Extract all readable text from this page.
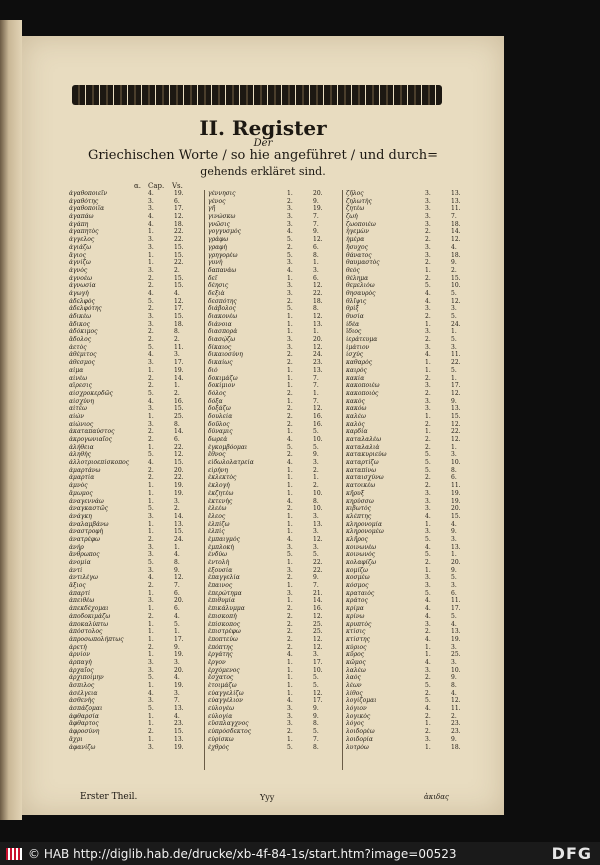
II. Register
Der
Griechischen Worte / so hie angeführet / und durch=
gehends erkläret sind.
α. Cap. Vs.
ἀγαθοποιεῖν	4.	19.
ἀγαθότης	3.	6.
ἀγαθοποιΐα	3.	17.
ἀγαπάω	4.	12.
ἀγάπη	4.	18.
ἀγαπητὸς	1.	22.
ἀγγελος	3.	22.
ἁγιάζω	3.	15.
ἅγιος	1.	15.
ἁγνίζω	1.	22.
ἁγνὸς	3.	2.
ἀγνοέω	2.	15.
ἀγνωσία	2.	15.
ἀγωγὴ	4.	4.
ἀδελφὸς	5.	12.
ἀδελφότης	2.	17.
ἀδικέω	3.	15.
ἄδικος	3.	18.
ἀδόκιμος	2.	8.
ἄδολος	2.	2.
ἀετὸς	5.	11.
ἀθέμιτος	4.	3.
ἀθεσμος	3.	17.
αἷμα	1.	19.
αἰνέω	2.	14.
αἵρεσις	2.	1.
αἰσχροκερδῶς	5.	2.
αἰσχύνη	4.	16.
αἰτέω	3.	15.
αἰών	1.	25.
αἰώνιος	3.	8.
ἀκαταπαύστος	2.	14.
ἀκρογωνιαῖος	2.	6.
ἀλήθεια	1.	22.
ἀληθὴς	5.	12.
ἀλλοτριοεπίσκοπος	4.	15.
ἁμαρτάνω	2.	20.
ἁμαρτία	2.	22.
ἀμνὸς	1.	19.
ἄμωμος	1.	19.
ἀναγεννάω	1.	3.
ἀναγκαστῶς	5.	2.
ἀνάγκη	3.	14.
ἀναλαμβάνω	1.	13.
ἀναστροφὴ	1.	15.
ἀνατρέφω	2.	24.
ἀνήρ	3.	1.
ἄνθρωπος	3.	4.
ἀνομία	5.	8.
ἀντί	3.	9.
ἀντιλέγω	4.	12.
ἄξιος	2.	7.
ἀπαρτί	1.	6.
ἀπειθέω	3.	20.
ἀπεκδέχομαι	1.	6.
ἀποδοκιμάζω	2.	4.
ἀποκαλύπτω	1.	5.
ἀπόστολος	1.	1.
ἀπροσωπολήπτως	1.	17.
ἀρετὴ	2.	9.
ἀρνίον	1.	19.
ἁρπαγὴ	3.	3.
ἀρχαῖος	3.	20.
ἀρχιποίμην	5.	4.
ἄσπιλος	1.	19.
ἀσέλγεια	4.	3.
ἀσθενὴς	3.	7.
ἀσπάζομαι	5.	13.
ἀφθαρσία	1.	4.
ἄφθαρτος	1.	23.
ἀφροσύνη	2.	15.
ἄχρι	1.	13.
ἀφανίζω	3.	19.
γέννησις	1.	20.
γένος	2.	9.
γῆ	3.	19.
γινώσκω	3.	7.
γνῶσις	3.	7.
γογγυσμὸς	4.	9.
γράφω	5.	12.
γραφὴ	2.	6.
γρηγορέω	5.	8.
γυνὴ	3.	1.
δαπανάω	4.	3.
δεῖ	1.	6.
δέησις	3.	12.
δεξιὰ	3.	22.
δεσπότης	2.	18.
διάβολος	5.	8.
διακονέω	1.	12.
διάνοια	1.	13.
διασπορὰ	1.	1.
διασῴζω	3.	20.
δίκαιος	3.	12.
δικαιοσύνη	2.	24.
δικαίως	2.	23.
διὸ	1.	13.
δοκιμάζω	1.	7.
δοκίμιον	1.	7.
δόλος	2.	1.
δόξα	1.	7.
δοξάζω	2.	12.
δουλεία	2.	16.
δοῦλος	2.	16.
δύναμις	1.	5.
δωρεὰ	4.	10.
ἐγκομβόομαι	5.	5.
ἔθνος	2.	9.
εἰδωλολατρεία	4.	3.
εἰρήνη	1.	2.
ἐκλεκτὸς	1.	1.
ἐκλογὴ	1.	2.
ἐκζητέω	1.	10.
ἐκτενὴς	4.	8.
ἐλεέω	2.	10.
ἔλεος	1.	3.
ἐλπίζω	1.	13.
ἐλπὶς	1.	3.
ἐμπαιγμὸς	4.	12.
ἐμπλοκὴ	3.	3.
ἐνδύω	5.	5.
ἐντολὴ	1.	22.
ἐξουσία	3.	22.
ἐπαγγελία	2.	9.
ἔπαινος	1.	7.
ἐπερώτημα	3.	21.
ἐπιθυμία	1.	14.
ἐπικάλυμμα	2.	16.
ἐπισκοπὴ	2.	12.
ἐπίσκοπος	2.	25.
ἐπιστρέφω	2.	25.
ἐποπτεύω	2.	12.
ἐπόπτης	2.	12.
ἐργάτης	4.	3.
ἔργον	1.	17.
ἐρχόμενος	1.	10.
ἔσχατος	1.	5.
ἑτοιμάζω	1.	5.
εὐαγγελίζω	1.	12.
εὐαγγέλιον	4.	17.
εὐλογέω	3.	9.
εὐλογία	3.	9.
εὔσπλαγχνος	3.	8.
εὐπρόσδεκτος	2.	5.
εὑρίσκω	1.	7.
ἐχθρὸς	5.	8.
ζῆλος	3.	13.
ζηλωτὴς	3.	13.
ζητέω	3.	11.
ζωὴ	3.	7.
ζωοποιέω	3.	18.
ἡγεμὼν	2.	14.
ἡμέρα	2.	12.
ἥσυχος	3.	4.
θάνατος	3.	18.
θαυμαστὸς	2.	9.
θεὸς	1.	2.
θέλημα	2.	15.
θεμελιόω	5.	10.
θησαυρὸς	4.	5.
θλῖψις	4.	12.
θρὶξ	3.	3.
θυσία	2.	5.
ἰδέα	1.	24.
ἴδιος	3.	1.
ἱεράτευμα	2.	5.
ἱμάτιον	3.	3.
ἰσχὺς	4.	11.
καθαρὸς	1.	22.
καιρὸς	1.	5.
κακία	2.	1.
κακοποιέω	3.	17.
κακοποιὸς	2.	12.
κακὸς	3.	9.
κακόω	3.	13.
καλέω	1.	15.
καλὸς	2.	12.
καρδία	1.	22.
καταλαλέω	2.	12.
καταλαλιὰ	2.	1.
κατακυριεύω	5.	3.
καταρτίζω	5.	10.
καταπίνω	5.	8.
καταισχύνω	2.	6.
κατοικέω	2.	11.
κῆρυξ	3.	19.
κηρύσσω	3.	19.
κιβωτὸς	3.	20.
κλέπτης	4.	15.
κληρονομία	1.	4.
κληρονομέω	3.	9.
κλῆρος	5.	3.
κοινωνέω	4.	13.
κοινωνὸς	5.	1.
κολαφίζω	2.	20.
κομίζω	1.	9.
κοσμέω	3.	5.
κόσμος	3.	3.
κραταιὸς	5.	6.
κράτος	4.	11.
κρίμα	4.	17.
κρίνω	4.	5.
κρυπτὸς	3.	4.
κτίσις	2.	13.
κτίστης	4.	19.
κύριος	1.	3.
κῦρος	1.	25.
κῶμος	4.	3.
λαλέω	3.	10.
λαὸς	2.	9.
λέων	5.	8.
λίθος	2.	4.
λογίζομαι	5.	12.
λόγιον	4.	11.
λογικὸς	2.	2.
λόγος	1.	23.
λοιδορέω	2.	23.
λοιδορία	3.	9.
λυτρόω	1.	18.
Erster Theil.	Yyy	ἀκιδας
© HAB http://diglib.hab.de/drucke/xb-4f-84-1s/start.htm?image=00523	DFG
